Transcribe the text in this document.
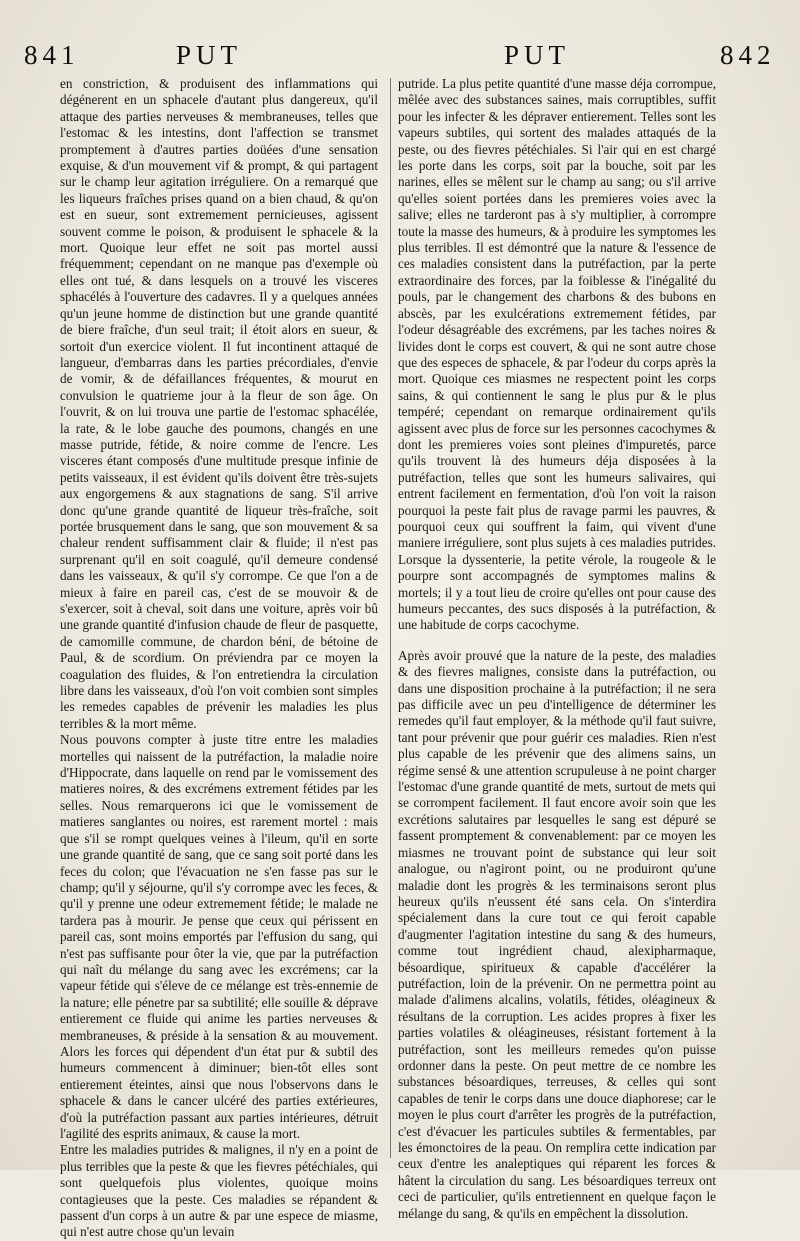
841	PUT	PUT	842

en constriction, & produisent des inflammations qui dégénerent en un sphacele d'autant plus dangereux, qu'il attaque des parties nerveuses & membraneuses, telles que l'estomac & les intestins, dont l'affection se transmet promptement à d'autres parties doüées d'une sensation exquise, & d'un mouvement vif & prompt, & qui partagent sur le champ leur agitation irréguliere. On a remarqué que les liqueurs fraîches prises quand on a bien chaud, & qu'on est en sueur, sont extremement pernicieuses, agissent souvent comme le poison, & produisent le sphacele & la mort. Quoique leur effet ne soit pas mortel aussi fréquemment; cependant on ne manque pas d'exemple où elles ont tué, & dans lesquels on a trouvé les visceres sphacélés à l'ouverture des cadavres. Il y a quelques années qu'un jeune homme de distinction but une grande quantité de biere fraîche, d'un seul trait; il étoit alors en sueur, & sortoit d'un exercice violent. Il fut incontinent attaqué de langueur, d'embarras dans les parties précordiales, d'envie de vomir, & de défaillances fréquentes, & mourut en convulsion le quatrieme jour à la fleur de son âge. On l'ouvrit, & on lui trouva une partie de l'estomac sphacélée, la rate, & le lobe gauche des poumons, changés en une masse putride, fétide, & noire comme de l'encre. Les visceres étant composés d'une multitude presque infinie de petits vaisseaux, il est évident qu'ils doivent être très-sujets aux engorgemens & aux stagnations de sang. S'il arrive donc qu'une grande quantité de liqueur très-fraîche, soit portée brusquement dans le sang, que son mouvement & sa chaleur rendent suffisamment clair & fluide; il n'est pas surprenant qu'il en soit coagulé, qu'il demeure condensé dans les vaisseaux, & qu'il s'y corrompe. Ce que l'on a de mieux à faire en pareil cas, c'est de se mouvoir & de s'exercer, soit à cheval, soit dans une voiture, après voir bû une grande quantité d'infusion chaude de fleur de pasquette, de camomille commune, de chardon béni, de bétoine de Paul, & de scordium. On préviendra par ce moyen la coagulation des fluides, & l'on entretiendra la circulation libre dans les vaisseaux, d'où l'on voit combien sont simples les remedes capables de prévenir les maladies les plus terribles & la mort même.

Nous pouvons compter à juste titre entre les maladies mortelles qui naissent de la putréfaction, la maladie noire d'Hippocrate, dans laquelle on rend par le vomissement des matieres noires, & des excrémens extrement fétides par les selles. Nous remarquerons ici que le vomissement de matieres sanglantes ou noires, est rarement mortel : mais que s'il se rompt quelques veines à l'ileum, qu'il en sorte une grande quantité de sang, que ce sang soit porté dans les feces du colon; que l'évacuation ne s'en fasse pas sur le champ; qu'il y séjourne, qu'il s'y corrompe avec les feces, & qu'il y prenne une odeur extremement fétide; le malade ne tardera pas à mourir. Je pense que ceux qui périssent en pareil cas, sont moins emportés par l'effusion du sang, qui n'est pas suffisante pour ôter la vie, que par la putréfaction qui naît du mélange du sang avec les excrémens; car la vapeur fétide qui s'éleve de ce mélange est très-ennemie de la nature; elle pénetre par sa subtilité; elle souille & déprave entierement ce fluide qui anime les parties nerveuses & membraneuses, & préside à la sensation & au mouvement. Alors les forces qui dépendent d'un état pur & subtil des humeurs commencent à diminuer; bien-tôt elles sont entierement éteintes, ainsi que nous l'observons dans le sphacele & dans le cancer ulcéré des parties extérieures, d'où la putréfaction passant aux parties intérieures, détruit l'agilité des esprits animaux, & cause la mort.

Entre les maladies putrides & malignes, il n'y en a point de plus terribles que la peste & que les fievres pétéchiales, qui sont quelquefois plus violentes, quoique moins contagieuses que la peste. Ces maladies se répandent & passent d'un corps à un autre & par une espece de miasme, qui n'est autre chose qu'un levain

putride. La plus petite quantité d'une masse déja corrompue, mêlée avec des substances saines, mais corruptibles, suffit pour les infecter & les dépraver entierement. Telles sont les vapeurs subtiles, qui sortent des malades attaqués de la peste, ou des fievres pétéchiales. Si l'air qui en est chargé les porte dans les corps, soit par la bouche, soit par les narines, elles se mêlent sur le champ au sang; ou s'il arrive qu'elles soient portées dans les premieres voies avec la salive; elles ne tarderont pas à s'y multiplier, à corrompre toute la masse des humeurs, & à produire les symptomes les plus terribles. Il est démontré que la nature & l'essence de ces maladies consistent dans la putréfaction, par la perte extraordinaire des forces, par la foiblesse & l'inégalité du pouls, par le changement des charbons & des bubons en abscès, par les exulcérations extremement fétides, par l'odeur désagréable des excrémens, par les taches noires & livides dont le corps est couvert, & qui ne sont autre chose que des especes de sphacele, & par l'odeur du corps après la mort. Quoique ces miasmes ne respectent point les corps sains, & qui contiennent le sang le plus pur & le plus tempéré; cependant on remarque ordinairement qu'ils agissent avec plus de force sur les personnes cacochymes & dont les premieres voies sont pleines d'impuretés, parce qu'ils trouvent là des humeurs déja disposées à la putréfaction, telles que sont les humeurs salivaires, qui entrent facilement en fermentation, d'où l'on voit la raison pourquoi la peste fait plus de ravage parmi les pauvres, & pourquoi ceux qui souffrent la faim, qui vivent d'une maniere irréguliere, sont plus sujets à ces maladies putrides. Lorsque la dyssenterie, la petite vérole, la rougeole & le pourpre sont accompagnés de symptomes malins & mortels; il y a tout lieu de croire qu'elles ont pour cause des humeurs peccantes, des sucs disposés à la putréfaction, & une habitude de corps cacochyme.

Après avoir prouvé que la nature de la peste, des maladies & des fievres malignes, consiste dans la putréfaction, ou dans une disposition prochaine à la putréfaction; il ne sera pas difficile avec un peu d'intelligence de déterminer les remedes qu'il faut employer, & la méthode qu'il faut suivre, tant pour prévenir que pour guérir ces maladies. Rien n'est plus capable de les prévenir que des alimens sains, un régime sensé & une attention scrupuleuse à ne point charger l'estomac d'une grande quantité de mets, surtout de mets qui se corrompent facilement. Il faut encore avoir soin que les excrétions salutaires par lesquelles le sang est dépuré se fassent promptement & convenablement: par ce moyen les miasmes ne trouvant point de substance qui leur soit analogue, ou n'agiront point, ou ne produiront qu'une maladie dont les progrès & les terminaisons seront plus heureux qu'ils n'eussent été sans cela. On s'interdira spécialement dans la cure tout ce qui feroit capable d'augmenter l'agitation intestine du sang & des humeurs, comme tout ingrédient chaud, alexipharmaque, bésoardique, spiritueux & capable d'accélérer la putréfaction, loin de la prévenir. On ne permettra point au malade d'alimens alcalins, volatils, fétides, oléagineux & résultans de la corruption. Les acides propres à fixer les parties volatiles & oléagineuses, résistant fortement à la putréfaction, sont les meilleurs remedes qu'on puisse ordonner dans la peste. On peut mettre de ce nombre les substances bésoardiques, terreuses, & celles qui sont capables de tenir le corps dans une douce diaphorese; car le moyen le plus court d'arrêter les progrès de la putréfaction, c'est d'évacuer les particules subtiles & fermentables, par les émonctoires de la peau. On remplira cette indication par ceux d'entre les analeptiques qui réparent les forces & hâtent la circulation du sang. Les bésoardiques terreux ont ceci de particulier, qu'ils entretiennent en quelque façon le mélange du sang, & qu'ils en empêchent la dissolution.
